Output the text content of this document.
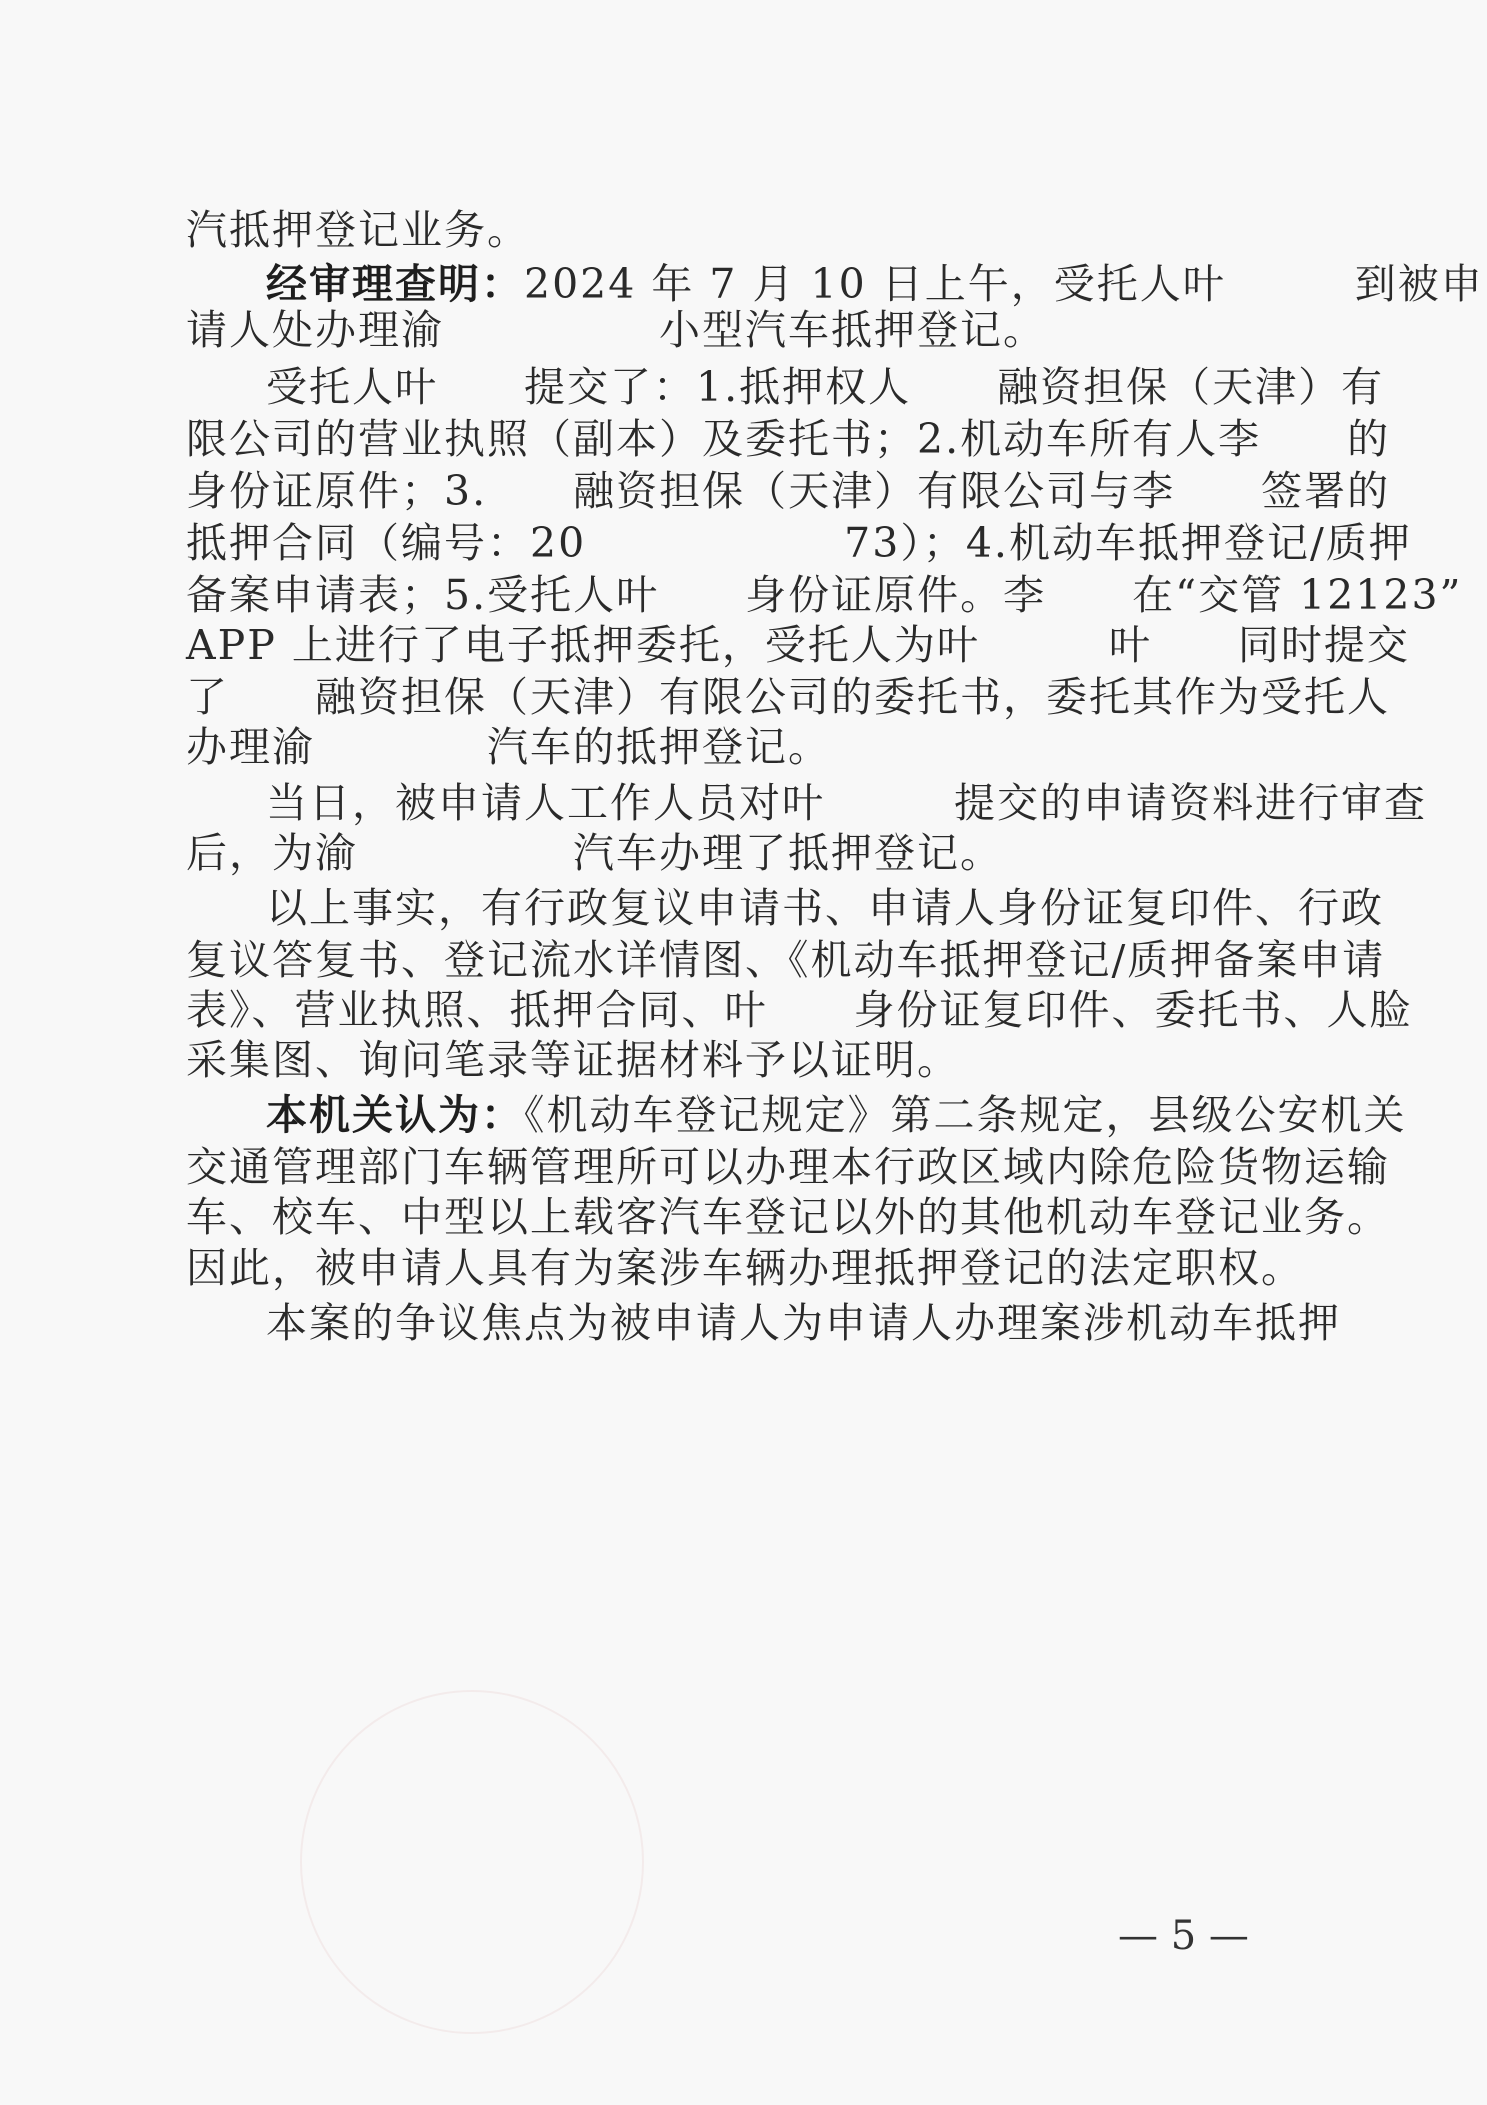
汽抵押登记业务。
经审理查明：2024 年 7 月 10 日上午，受托人叶　　　到被申
请人处办理渝　　　　　小型汽车抵押登记。
受托人叶　　提交了：1.抵押权人　　融资担保（天津）有
限公司的营业执照（副本）及委托书；2.机动车所有人李　　的
身份证原件；3.　　融资担保（天津）有限公司与李　　签署的
抵押合同（编号：20　　　　　　73）；4.机动车抵押登记/质押
备案申请表；5.受托人叶　　身份证原件。李　　在“交管 12123”
APP 上进行了电子抵押委托，受托人为叶　　　叶　　同时提交
了　　融资担保（天津）有限公司的委托书，委托其作为受托人
办理渝　　　　汽车的抵押登记。
当日，被申请人工作人员对叶　　　提交的申请资料进行审查
后，为渝　　　　　汽车办理了抵押登记。
以上事实，有行政复议申请书、申请人身份证复印件、行政
复议答复书、登记流水详情图、《机动车抵押登记/质押备案申请
表》、营业执照、抵押合同、叶　　身份证复印件、委托书、人脸
采集图、询问笔录等证据材料予以证明。
本机关认为：《机动车登记规定》第二条规定，县级公安机关
交通管理部门车辆管理所可以办理本行政区域内除危险货物运输
车、校车、中型以上载客汽车登记以外的其他机动车登记业务。
因此，被申请人具有为案涉车辆办理抵押登记的法定职权。
本案的争议焦点为被申请人为申请人办理案涉机动车抵押
— 5 —
